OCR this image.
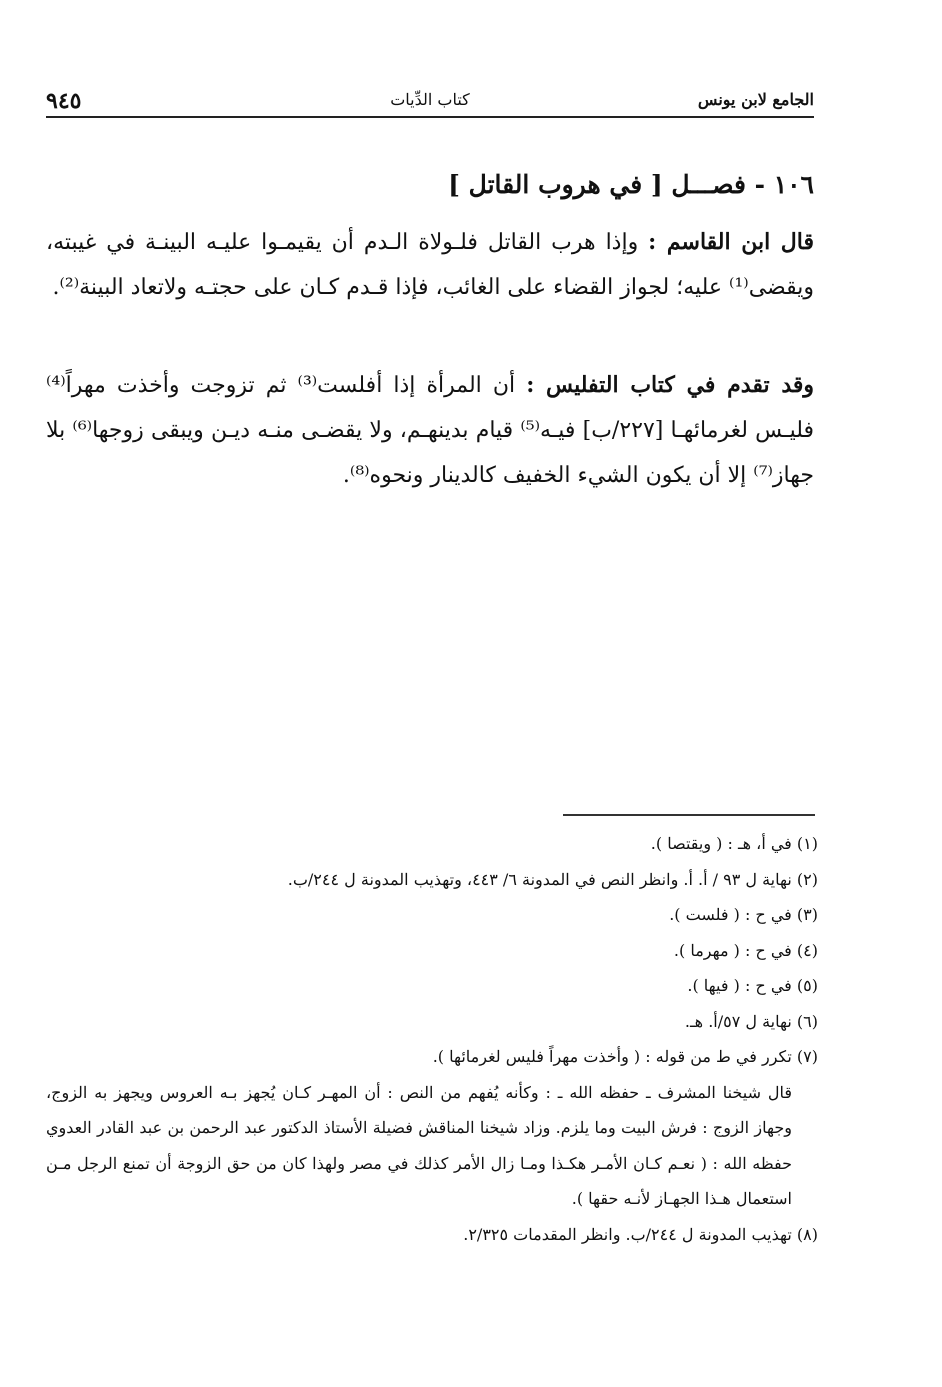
٩٤٥	كتاب الدِّيات	الجامع لابن يونس
١٠٦ - فصـــل [ في هروب القاتل ]
قال ابن القاسم : وإذا هرب القاتل فلـولاة الـدم أن يقيمـوا عليـه البينـة في غيبته، ويقضى⁽¹⁾ عليه؛ لجواز القضاء على الغائب، فإذا قـدم كـان على حجتـه ولاتعاد البينة⁽²⁾.
وقد تقدم في كتاب التفليس : أن المرأة إذا أفلست⁽³⁾ ثم تزوجت وأخذت مهراً⁽⁴⁾ فليـس لغرمائهـا [٢٢٧/ب] فيـه⁽⁵⁾ قيام بدينهـم، ولا يقضـى منـه ديـن ويبقى زوجها⁽⁶⁾ بلا جهاز⁽⁷⁾ إلا أن يكون الشيء الخفيف كالدينار ونحوه⁽⁸⁾.
(١) في أ، هـ : ( ويقتصا ).
(٢) نهاية ل ٩٣ / أ. أ. وانظر النص في المدونة ٦/ ٤٤٣، وتهذيب المدونة ل ٢٤٤/ب.
(٣) في ح : ( فلست ).
(٤) في ح : ( مهرما ).
(٥) في ح : ( فيها ).
(٦) نهاية ل ٥٧/أ. هـ.
(٧) تكرر في ط من قوله : ( وأخذت مهراً فليس لغرمائها ).
قال شيخنا المشرف ـ حفظه الله ـ : وكأنه يُفهم من النص : أن المهـر كـان يُجهز بـه العروس ويجهز به الزوج، وجهاز الزوج : فرش البيت وما يلزم. وزاد شيخنا المناقش فضيلة الأستاذ الدكتور عبد الرحمن بن عبد القادر العدوي حفظه الله : ( نعـم كـان الأمـر هكـذا ومـا زال الأمر كذلك في مصر ولهذا كان من حق الزوجة أن تمنع الرجل مـن استعمال هـذا الجهـاز لأنـه حقها ).
(٨) تهذيب المدونة ل ٢٤٤/ب. وانظر المقدمات ٢/٣٢٥.
